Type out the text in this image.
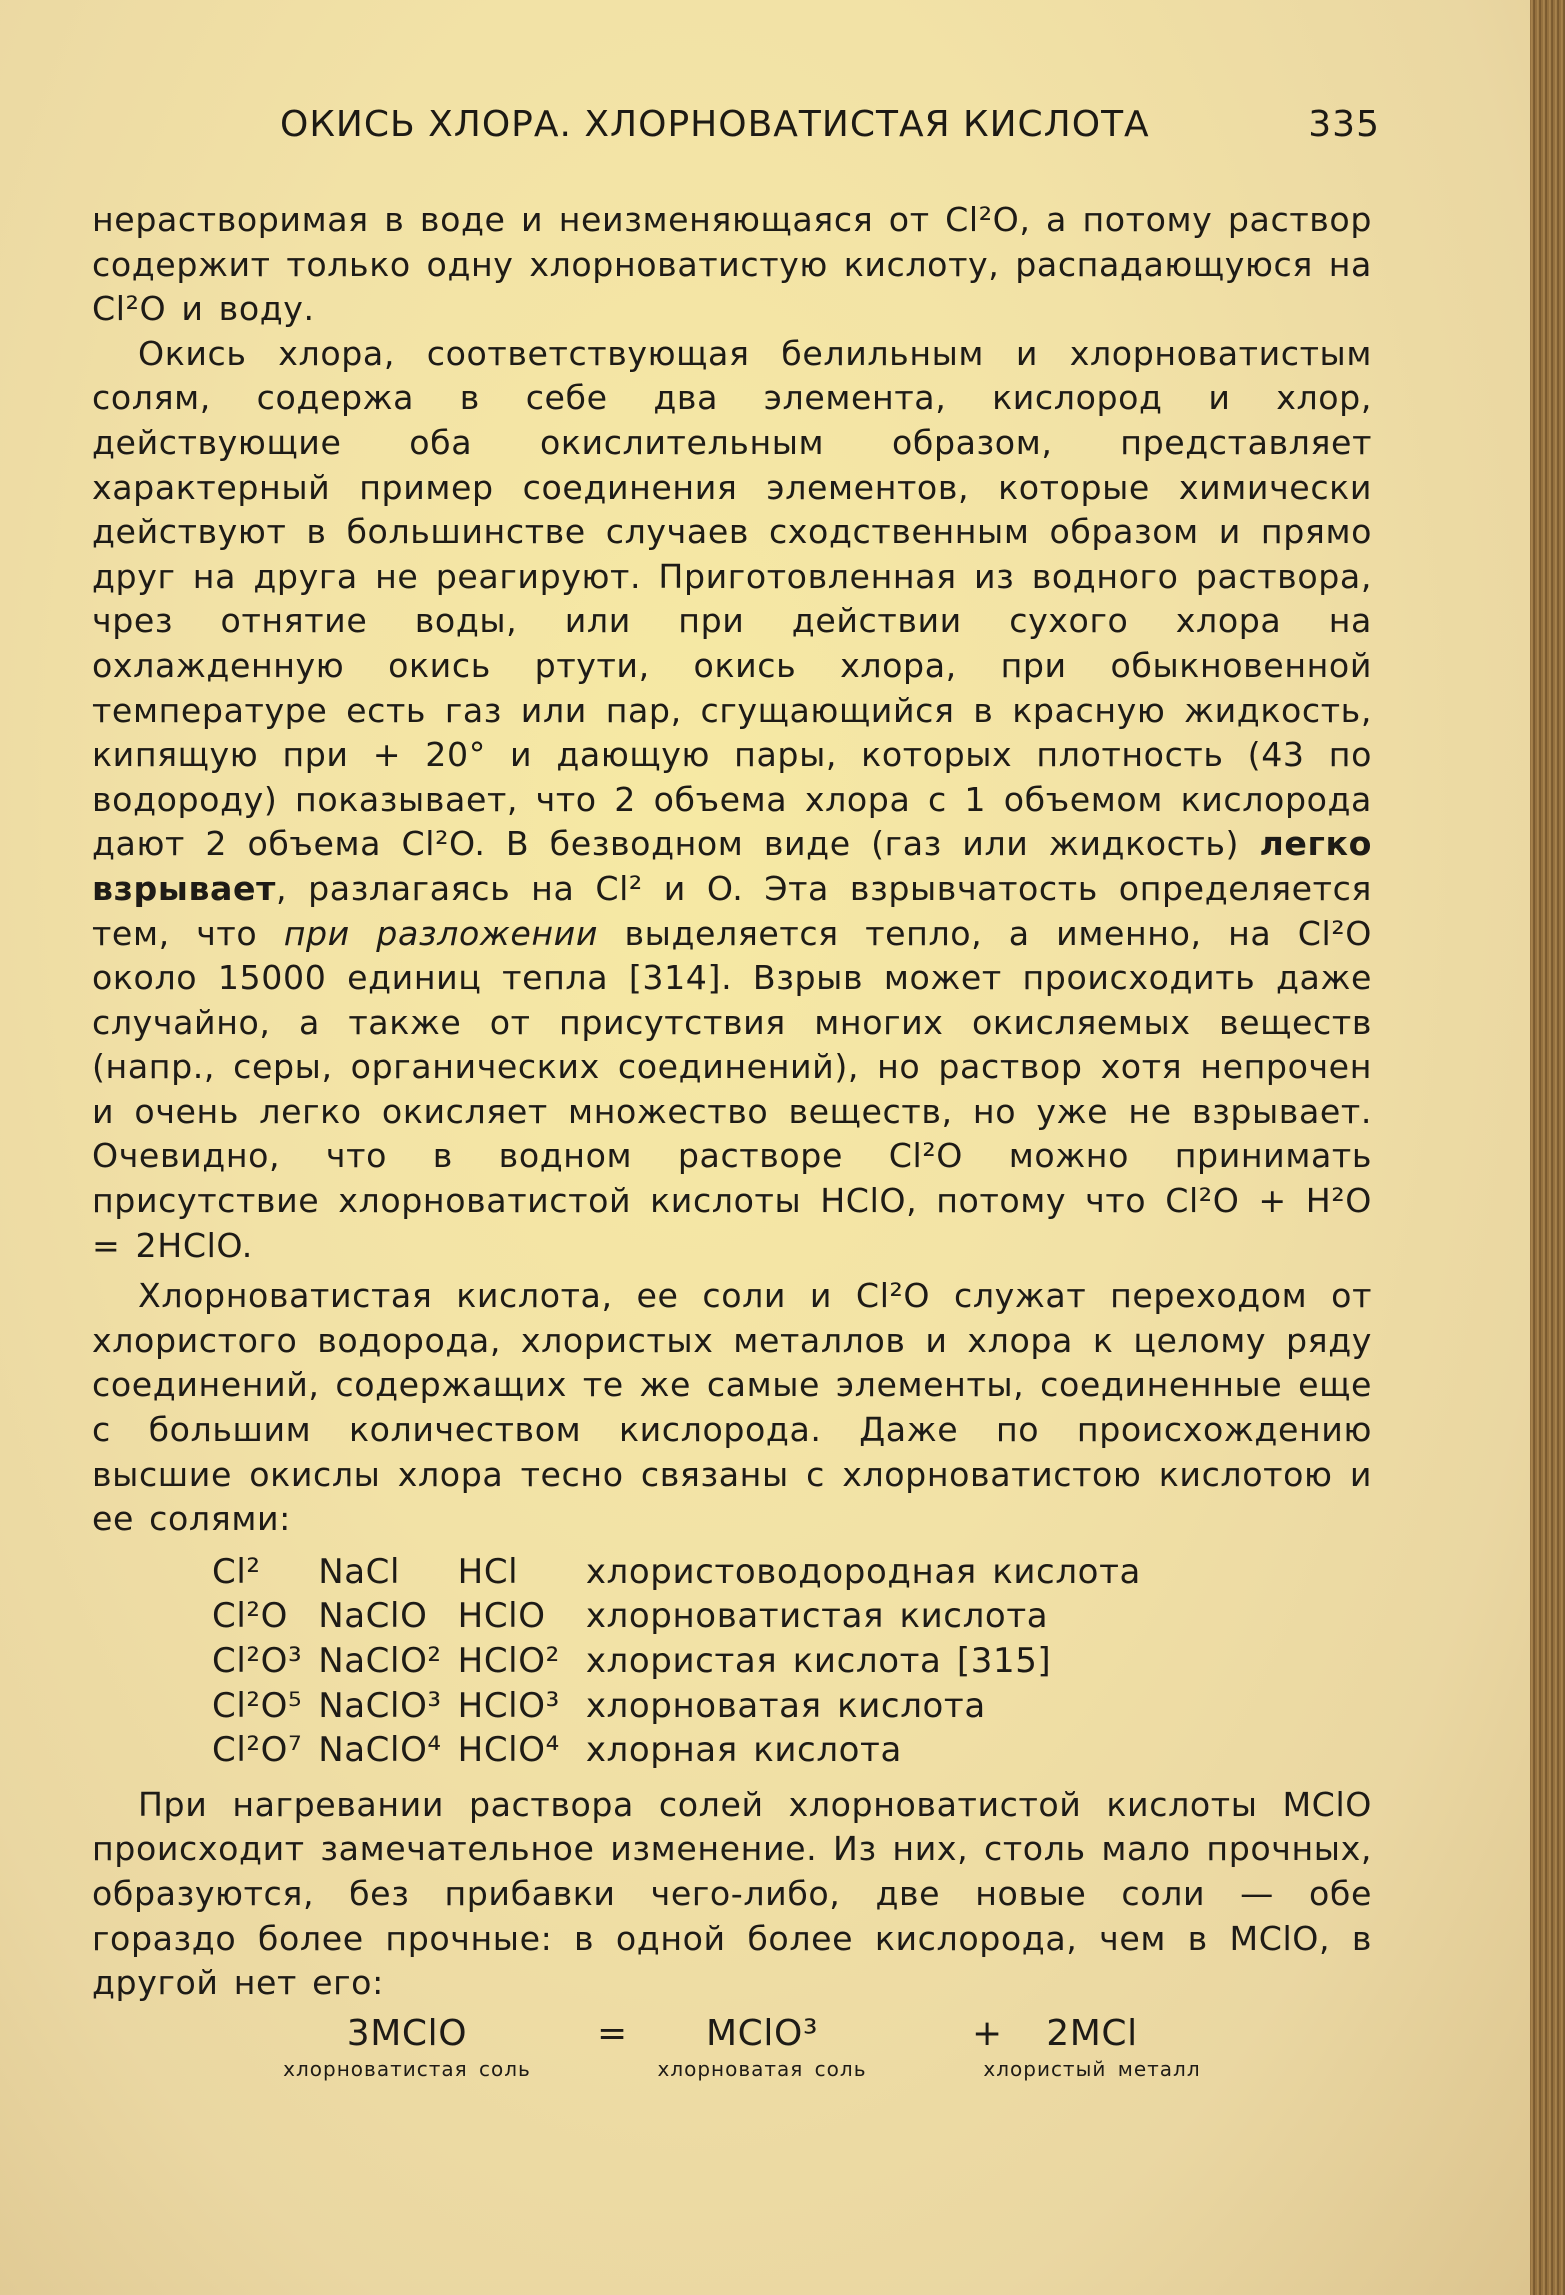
ОКИСЬ ХЛОРА. ХЛОРНОВАТИСТАЯ КИСЛОТА	335

нерастворимая в воде и неизменяющаяся от Cl²O, а потому раствор содержит только одну хлорноватистую кислоту, распадающуюся на Cl²O и воду.

Окись хлора, соответствующая белильным и хлорноватистым солям, содержа в себе два элемента, кислород и хлор, действующие оба окислительным образом, представляет характерный пример соединения элементов, которые химически действуют в большинстве случаев сходственным образом и прямо друг на друга не реагируют. Приготовленная из водного раствора, чрез отнятие воды, или при действии сухого хлора на охлажденную окись ртути, окись хлора, при обыкновенной температуре есть газ или пар, сгущающийся в красную жидкость, кипящую при + 20° и дающую пары, которых плотность (43 по водороду) показывает, что 2 объема хлора с 1 объемом кислорода дают 2 объема Cl²O. В безводном виде (газ или жидкость) легко взрывает, разлагаясь на Cl² и O. Эта взрывчатость определяется тем, что при разложении выделяется тепло, а именно, на Cl²O около 15000 единиц тепла [314]. Взрыв может происходить даже случайно, а также от присутствия многих окисляемых веществ (напр., серы, органических соединений), но раствор хотя непрочен и очень легко окисляет множество веществ, но уже не взрывает. Очевидно, что в водном растворе Cl²O можно принимать присутствие хлорноватистой кислоты HClO, потому что Cl²O + H²O = 2HClO.

Хлорноватистая кислота, ее соли и Cl²O служат переходом от хлористого водорода, хлористых металлов и хлора к целому ряду соединений, содержащих те же самые элементы, соединенные еще с большим количеством кислорода. Даже по происхождению высшие окислы хлора тесно связаны с хлорноватистою кислотою и ее солями:

Cl²	NaCl	HCl	хлористоводородная кислота
Cl²O	NaClO	HClO	хлорноватистая кислота
Cl²O³	NaClO²	HClO²	хлористая кислота [315]
Cl²O⁵	NaClO³	HClO³	хлорноватая кислота
Cl²O⁷	NaClO⁴	HClO⁴	хлорная кислота

При нагревании раствора солей хлорноватистой кислоты MClO происходит замечательное изменение. Из них, столь мало прочных, образуются, без прибавки чего-либо, две новые соли — обе гораздо более прочные: в одной более кислорода, чем в MClO, в другой нет его:

3MClO
хлорноватистая соль
=	MClO³
хлорноватая соль
+	2MCl
хлористый металл
